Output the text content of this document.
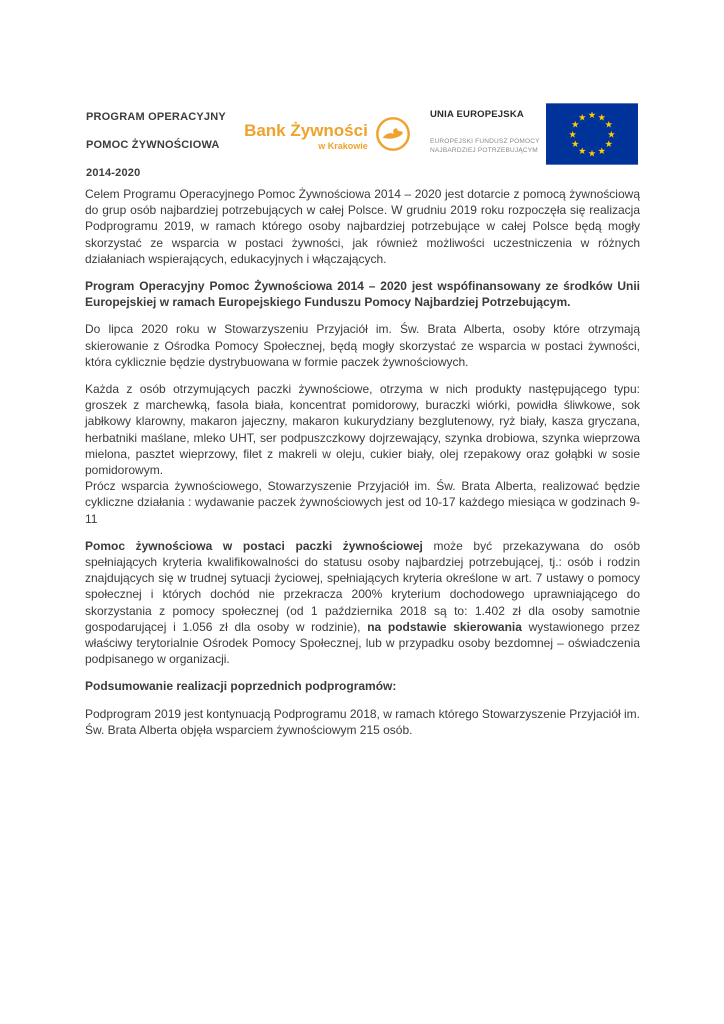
PROGRAM OPERACYJNY
POMOC ŻYWNOŚCIOWA
2014-2020
Bank Żywności
w Krakowie
UNIA EUROPEJSKA
EUROPEJSKI FUNDUSZ POMOCY
NAJBARDZIEJ POTRZEBUJĄCYM
★ ★
★
★
★
★
★
★
★
★
★
★

Celem Programu Operacyjnego Pomoc Żywnościowa 2014 – 2020 jest dotarcie z pomocą żywnościową do grup osób najbardziej potrzebujących w całej Polsce. W grudniu 2019 roku rozpoczęła się realizacja Podprogramu 2019, w ramach którego osoby najbardziej potrzebujące w całej Polsce będą mogły skorzystać ze wsparcia w postaci żywności, jak również możliwości uczestniczenia w różnych działaniach wspierających, edukacyjnych i włączających.

Program Operacyjny Pomoc Żywnościowa 2014 – 2020 jest wspófinansowany ze środków Unii Europejskiej w ramach Europejskiego Funduszu Pomocy Najbardziej Potrzebującym.

Do lipca 2020 roku w Stowarzyszeniu Przyjaciół im. Św. Brata Alberta, osoby które otrzymają skierowanie z Ośrodka Pomocy Społecznej, będą mogły skorzystać ze wsparcia w postaci żywności, która cyklicznie będzie dystrybuowana w formie paczek żywnościowych.

Każda z osób otrzymujących paczki żywnościowe, otrzyma w nich produkty następującego typu: groszek z marchewką, fasola biała, koncentrat pomidorowy, buraczki wiórki, powidła śliwkowe, sok jabłkowy klarowny, makaron jajeczny, makaron kukurydziany bezglutenowy, ryż biały, kasza gryczana, herbatniki maślane, mleko UHT, ser podpuszczkowy dojrzewający, szynka drobiowa, szynka wieprzowa mielona, pasztet wieprzowy, filet z makreli w oleju, cukier biały, olej rzepakowy oraz gołąbki w sosie pomidorowym.

Prócz wsparcia żywnościowego, Stowarzyszenie Przyjaciół im. Św. Brata Alberta, realizować będzie cykliczne działania : wydawanie paczek żywnościowych jest od 10-17 każdego miesiąca w godzinach 9-11

Pomoc żywnościowa w postaci paczki żywnościowej może być przekazywana do osób spełniających kryteria kwalifikowalności do statusu osoby najbardziej potrzebującej, tj.: osób i rodzin znajdujących się w trudnej sytuacji życiowej, spełniających kryteria określone w art. 7 ustawy o pomocy społecznej i których dochód nie przekracza 200% kryterium dochodowego uprawniającego do skorzystania z pomocy społecznej (od 1 października 2018 są to: 1.402 zł dla osoby samotnie gospodarującej i 1.056 zł dla osoby w rodzinie), na podstawie skierowania wystawionego przez właściwy terytorialnie Ośrodek Pomocy Społecznej, lub w przypadku osoby bezdomnej – oświadczenia podpisanego w organizacji.

Podsumowanie realizacji poprzednich podprogramów:

Podprogram 2019 jest kontynuacją Podprogramu 2018, w ramach którego Stowarzyszenie Przyjaciół im. Św. Brata Alberta objęła wsparciem żywnościowym 215 osób.
